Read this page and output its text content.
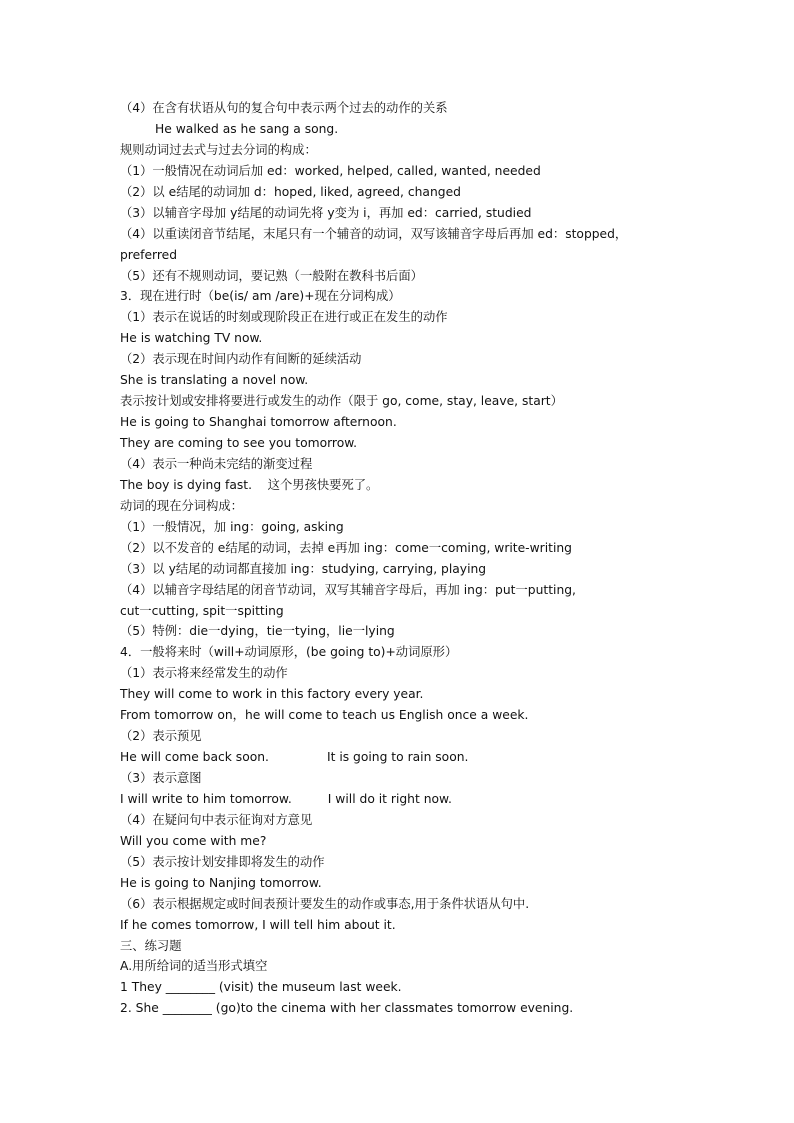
（4）在含有状语从句的复合句中表示两个过去的动作的关系
He walked as he sang a song.
规则动词过去式与过去分词的构成：
（1）一般情况在动词后加 ed：worked, helped, called, wanted, needed
（2）以 e结尾的动词加 d：hoped, liked, agreed, changed
（3）以辅音字母加 y结尾的动词先将 y变为 i，再加 ed：carried, studied
（4）以重读闭音节结尾，末尾只有一个辅音的动词，双写该辅音字母后再加 ed：stopped，
preferred
（5）还有不规则动词，要记熟（一般附在教科书后面）
3．现在进行时（be(is/ am /are)+现在分词构成）
（1）表示在说话的时刻或现阶段正在进行或正在发生的动作
He is watching TV now.
（2）表示现在时间内动作有间断的延续活动
She is translating a novel now.
表示按计划或安排将要进行或发生的动作（限于 go, come, stay, leave, start）
He is going to Shanghai tomorrow afternoon.
They are coming to see you tomorrow.
（4）表示一种尚未完结的渐变过程
The boy is dying fast.    这个男孩快要死了。
动词的现在分词构成：
（1）一般情况，加 ing：going, asking
（2）以不发音的 e结尾的动词，去掉 e再加 ing：come一coming, write-writing
（3）以 y结尾的动词都直接加 ing：studying, carrying, playing
（4）以辅音字母结尾的闭音节动词，双写其辅音字母后，再加 ing：put一putting,
cut一cutting, spit一spitting
（5）特例：die一dying，tie一tying，lie一lying
4．一般将来时（will+动词原形，(be going to)+动词原形）
（1）表示将来经常发生的动作
They will come to work in this factory every year.
From tomorrow on，he will come to teach us English once a week.
（2）表示预见
He will come back soon.	It is going to rain soon.
（3）表示意图
I will write to him tomorrow.	I will do it right now.
（4）在疑问句中表示征询对方意见
Will you come with me?
（5）表示按计划安排即将发生的动作
He is going to Nanjing tomorrow.
（6）表示根据规定或时间表预计要发生的动作或事态,用于条件状语从句中.
If he comes tomorrow, I will tell him about it.
三、练习题
A.用所给词的适当形式填空
1 They ________ (visit) the museum last week.
2. She ________ (go)to the cinema with her classmates tomorrow evening.
